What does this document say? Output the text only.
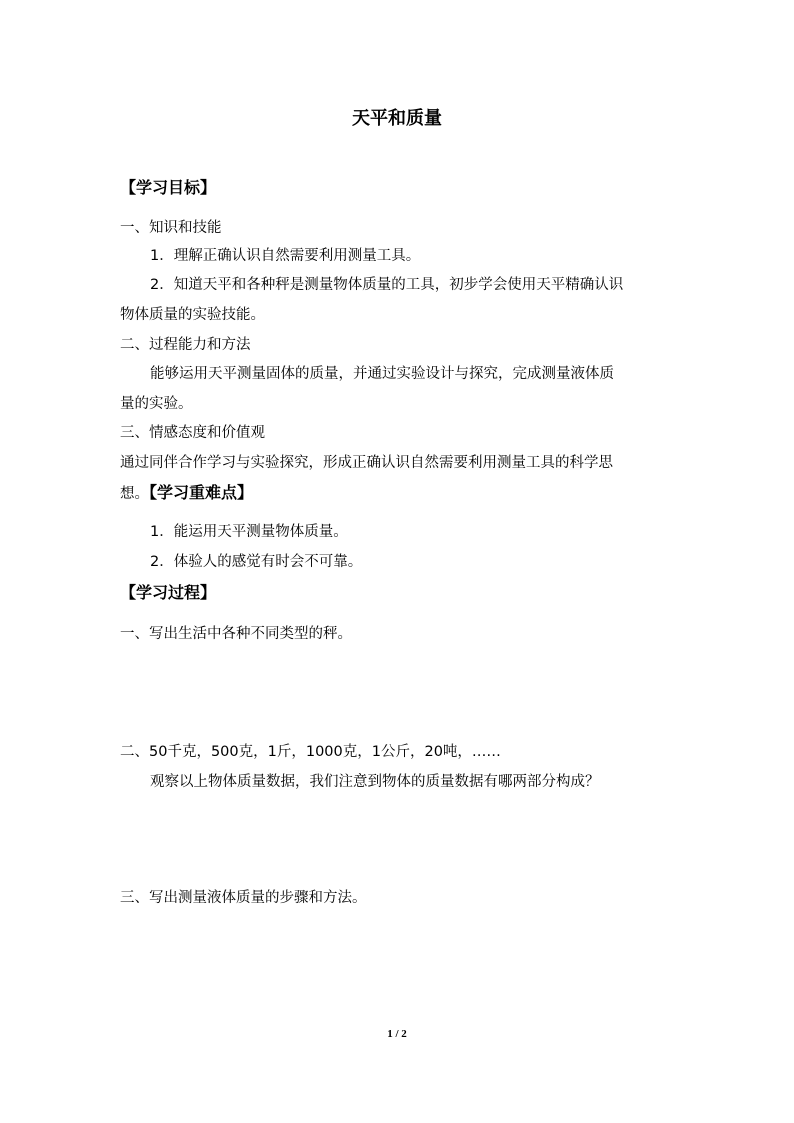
天平和质量
【学习目标】
一、知识和技能
1．理解正确认识自然需要利用测量工具。
2．知道天平和各种秤是测量物体质量的工具，初步学会使用天平精确认识
物体质量的实验技能。
二、过程能力和方法
能够运用天平测量固体的质量，并通过实验设计与探究，完成测量液体质
量的实验。
三、情感态度和价值观
通过同伴合作学习与实验探究，形成正确认识自然需要利用测量工具的科学思
想。【学习重难点】
1．能运用天平测量物体质量。
2．体验人的感觉有时会不可靠。
【学习过程】
一、写出生活中各种不同类型的秤。
二、50千克，500克，1斤，1000克，1公斤，20吨，……
观察以上物体质量数据，我们注意到物体的质量数据有哪两部分构成？
三、写出测量液体质量的步骤和方法。
1 / 2
